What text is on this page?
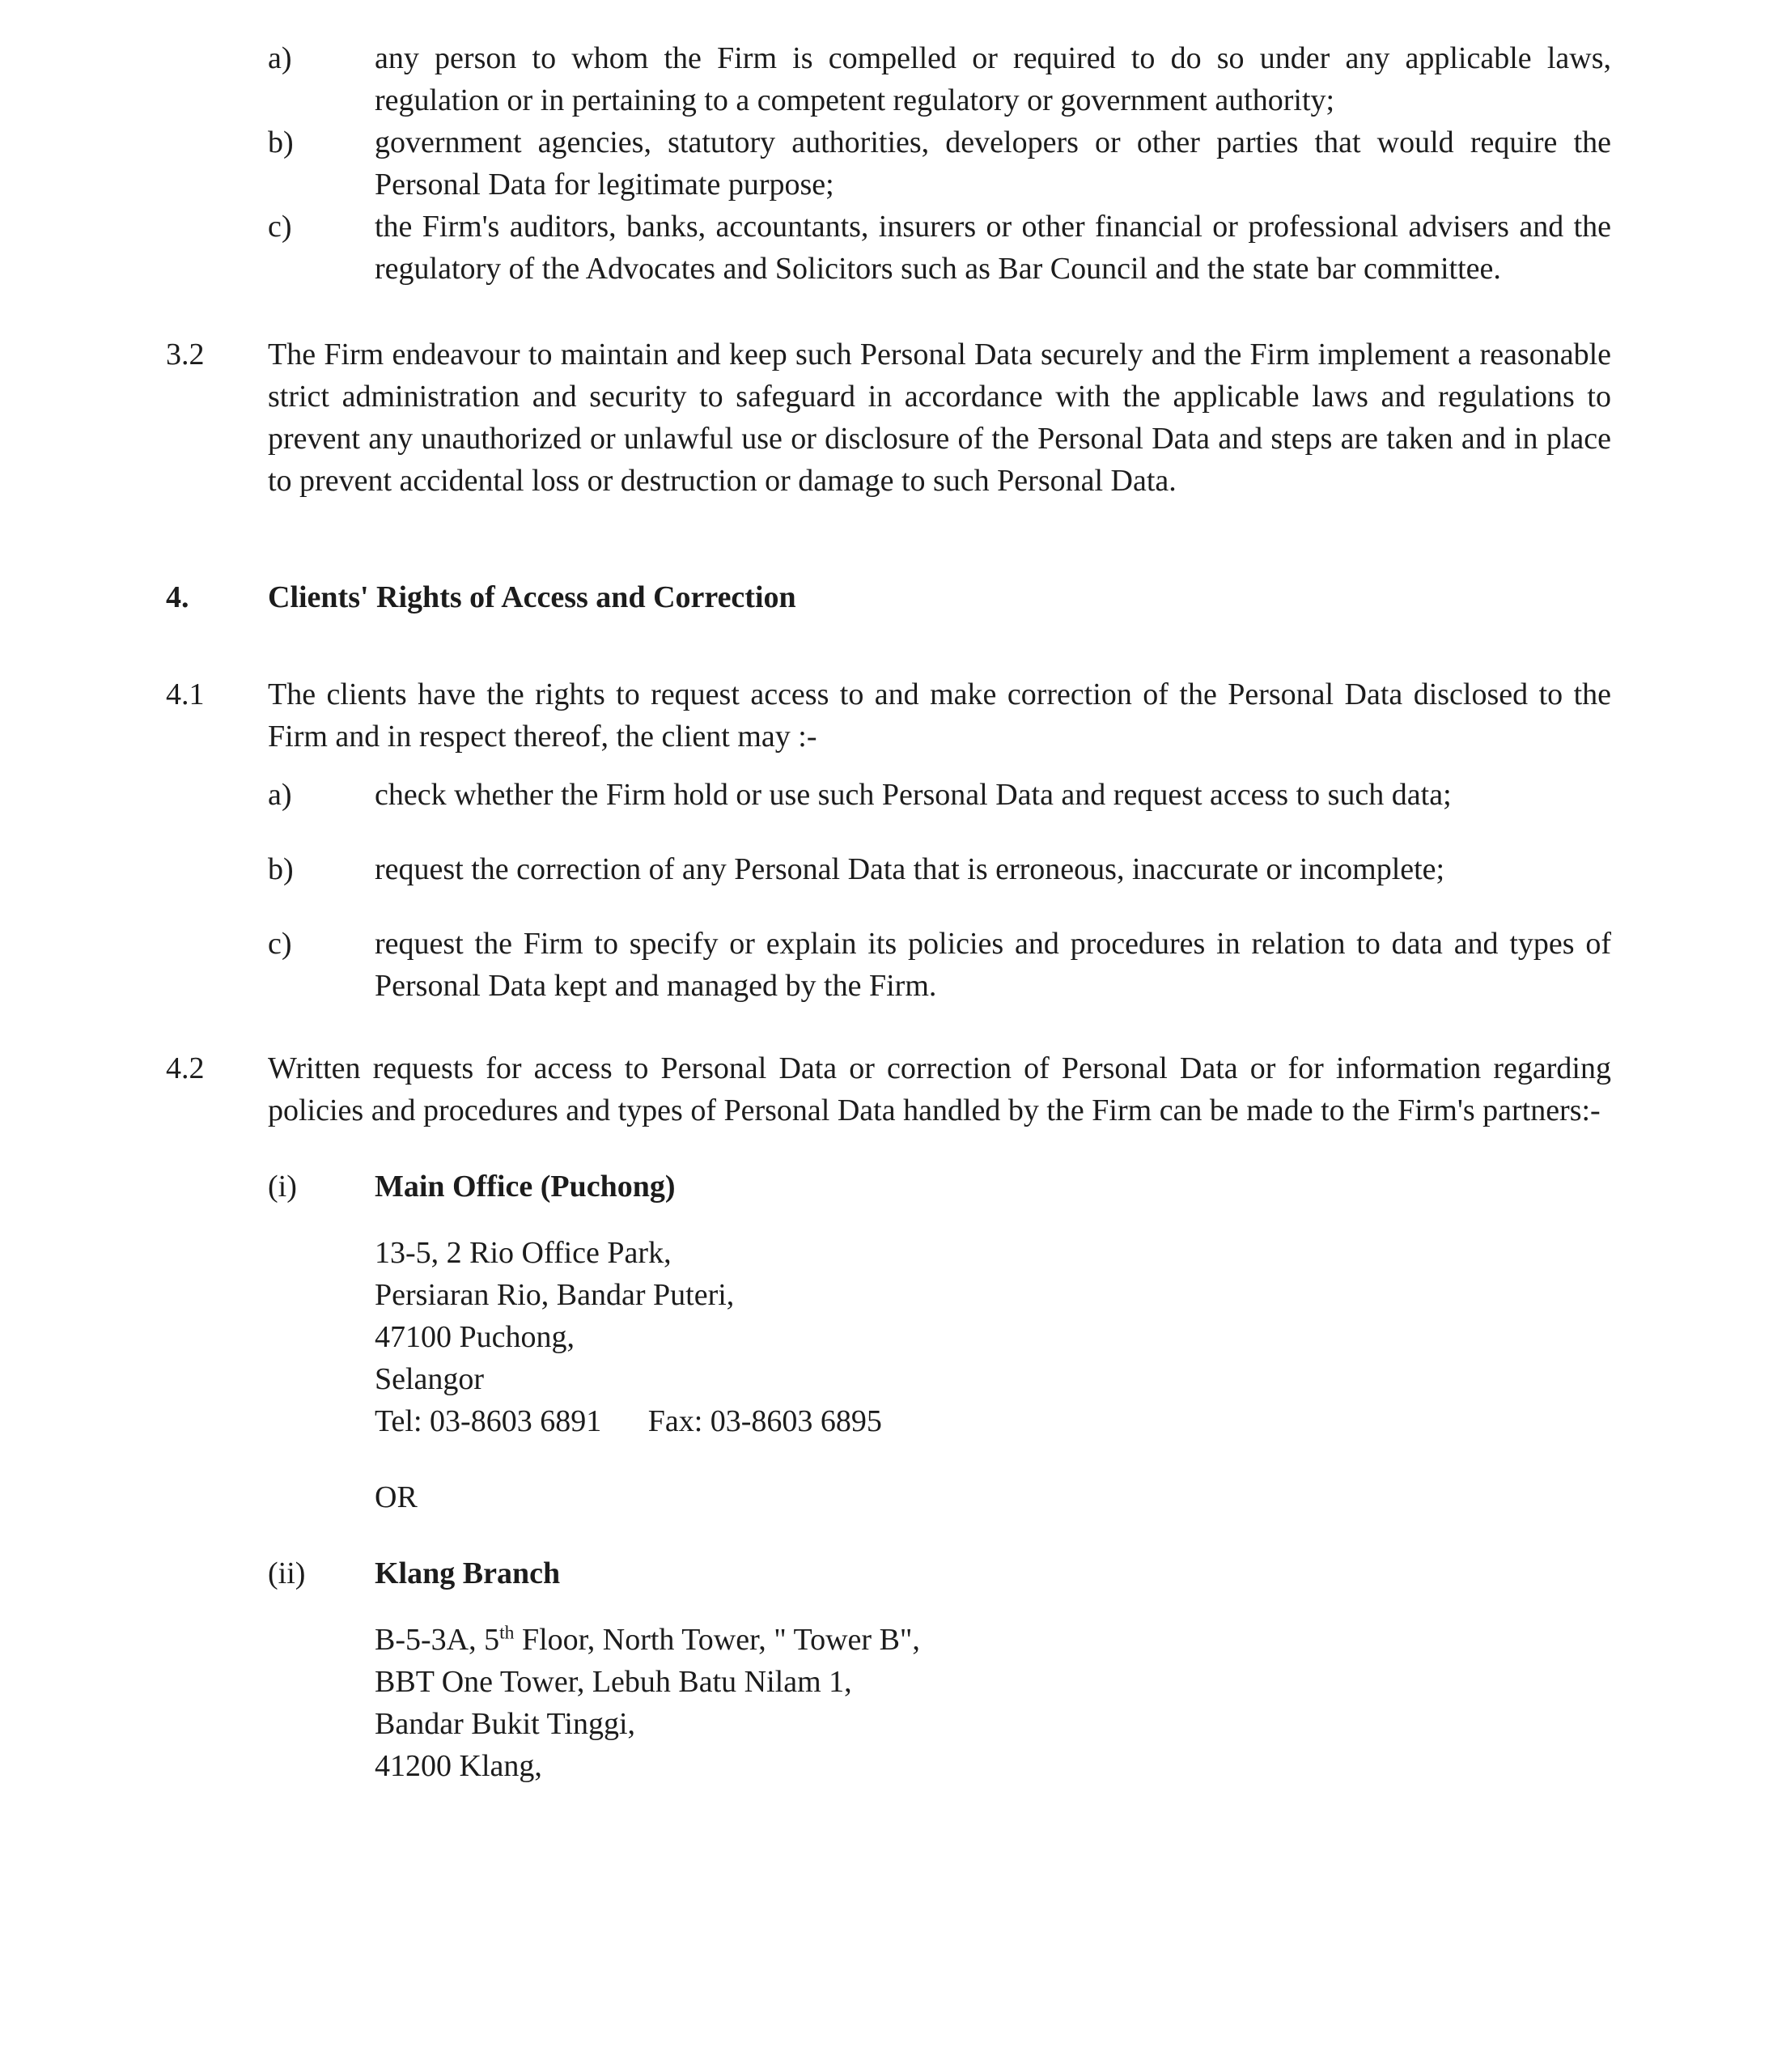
a)	any person to whom the Firm is compelled or required to do so under any applicable laws, regulation or in pertaining to a competent regulatory or government authority;
b)	government agencies, statutory authorities, developers or other parties that would require the Personal Data for legitimate purpose;
c)	the Firm's auditors, banks, accountants, insurers or other financial or professional advisers and the regulatory of the Advocates and Solicitors such as Bar Council and the state bar committee.
3.2	The Firm endeavour to maintain and keep such Personal Data securely and the Firm implement a reasonable strict administration and security to safeguard in accordance with the applicable laws and regulations to prevent any unauthorized or unlawful use or disclosure of the Personal Data and steps are taken and in place to prevent accidental loss or destruction or damage to such Personal Data.
4.	Clients' Rights of Access and Correction
4.1	The clients have the rights to request access to and make correction of the Personal Data disclosed to the Firm and in respect thereof, the client may :-
a)	check whether the Firm hold or use such Personal Data and request access to such data;
b)	request the correction of any Personal Data that is erroneous, inaccurate or incomplete;
c)	request the Firm to specify or explain its policies and procedures in relation to data and types of Personal Data kept and managed by the Firm.
4.2	Written requests for access to Personal Data or correction of Personal Data or for information regarding policies and procedures and types of Personal Data handled by the Firm can be made to the Firm's partners:-
(i)	Main Office (Puchong)
13-5, 2 Rio Office Park,
Persiaran Rio, Bandar Puteri,
47100 Puchong,
Selangor
Tel: 03-8603 6891 Fax: 03-8603 6895
OR
(ii)	Klang Branch
B-5-3A, 5th Floor, North Tower, " Tower B",
BBT One Tower, Lebuh Batu Nilam 1,
Bandar Bukit Tinggi,
41200 Klang,
